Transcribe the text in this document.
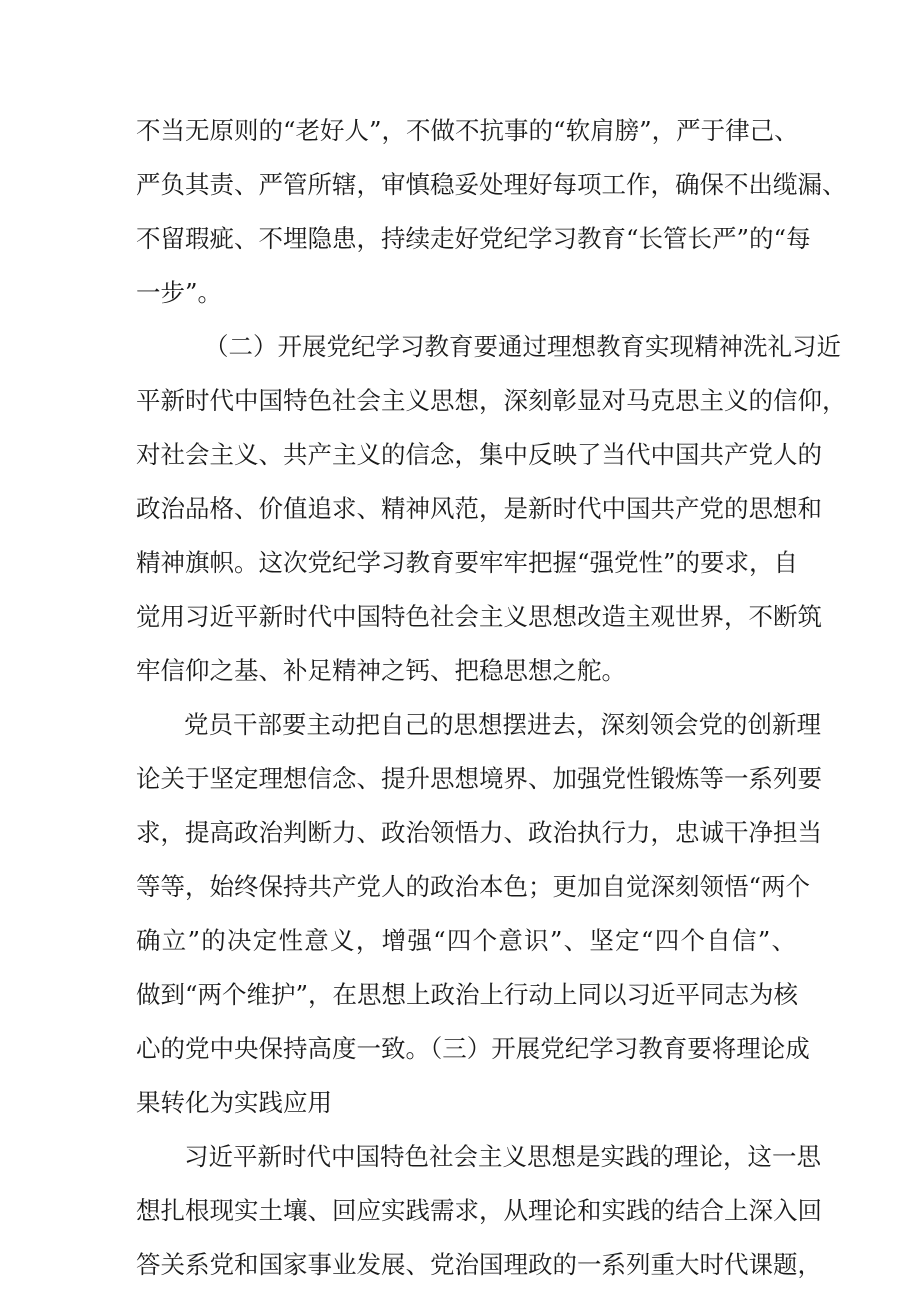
不当无原则的“老好人”，不做不抗事的“软肩膀”，严于律己、
严负其责、严管所辖，审慎稳妥处理好每项工作，确保不出缆漏、
不留瑕疵、不埋隐患，持续走好党纪学习教育“长管长严”的“每
一步”。
（二）开展党纪学习教育要通过理想教育实现精神洗礼习近
平新时代中国特色社会主义思想，深刻彰显对马克思主义的信仰，
对社会主义、共产主义的信念，集中反映了当代中国共产党人的
政治品格、价值追求、精神风范，是新时代中国共产党的思想和
精神旗帜。这次党纪学习教育要牢牢把握“强党性”的要求，自
觉用习近平新时代中国特色社会主义思想改造主观世界，不断筑
牢信仰之基、补足精神之钙、把稳思想之舵。
党员干部要主动把自己的思想摆进去，深刻领会党的创新理
论关于坚定理想信念、提升思想境界、加强党性锻炼等一系列要
求，提高政治判断力、政治领悟力、政治执行力，忠诚干净担当
等等，始终保持共产党人的政治本色；更加自觉深刻领悟“两个
确立”的决定性意义，增强“四个意识”、坚定“四个自信”、
做到“两个维护”，在思想上政治上行动上同以习近平同志为核
心的党中央保持高度一致。（三）开展党纪学习教育要将理论成
果转化为实践应用
习近平新时代中国特色社会主义思想是实践的理论，这一思
想扎根现实土壤、回应实践需求，从理论和实践的结合上深入回
答关系党和国家事业发展、党治国理政的一系列重大时代课题，
